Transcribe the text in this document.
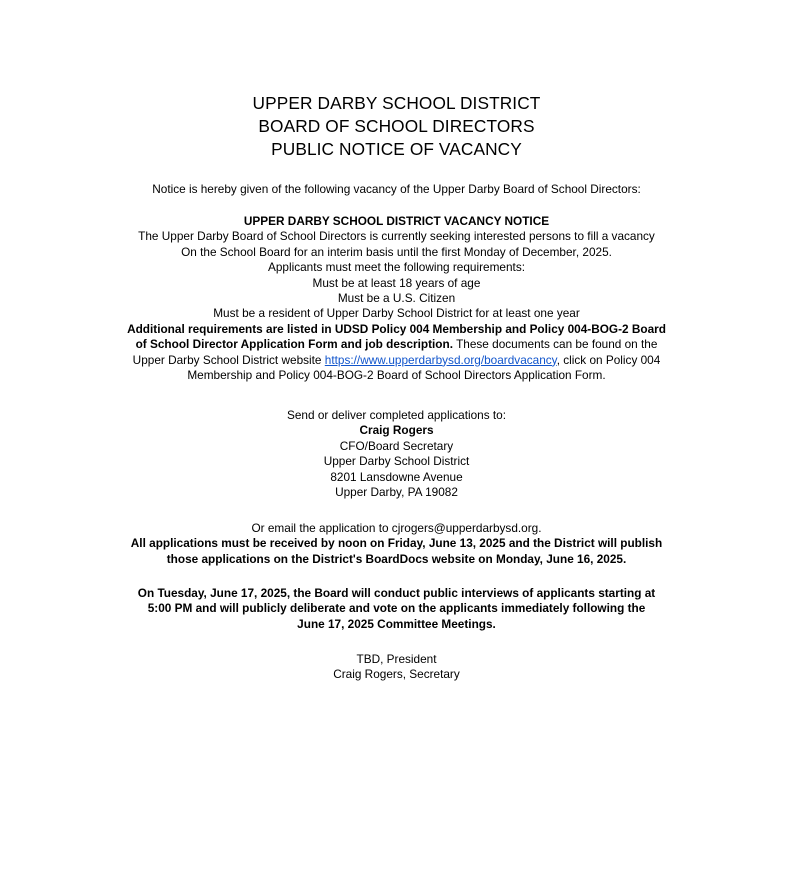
UPPER DARBY SCHOOL DISTRICT
BOARD OF SCHOOL DIRECTORS
PUBLIC NOTICE OF VACANCY
Notice is hereby given of the following vacancy of the Upper Darby Board of School Directors:
UPPER DARBY SCHOOL DISTRICT VACANCY NOTICE
The Upper Darby Board of School Directors is currently seeking interested persons to fill a vacancy
On the School Board for an interim basis until the first Monday of December, 2025.
Applicants must meet the following requirements:
Must be at least 18 years of age
Must be a U.S. Citizen
Must be a resident of Upper Darby School District for at least one year
Additional requirements are listed in UDSD Policy 004 Membership and Policy 004-BOG-2 Board
of School Director Application Form and job description. These documents can be found on the
Upper Darby School District website https://www.upperdarbysd.org/boardvacancy, click on Policy 004
Membership and Policy 004-BOG-2 Board of School Directors Application Form.
Send or deliver completed applications to:
Craig Rogers
CFO/Board Secretary
Upper Darby School District
8201 Lansdowne Avenue
Upper Darby, PA 19082
Or email the application to cjrogers@upperdarbysd.org.
All applications must be received by noon on Friday, June 13, 2025 and the District will publish
those applications on the District's BoardDocs website on Monday, June 16, 2025.
On Tuesday, June 17, 2025, the Board will conduct public interviews of applicants starting at
5:00 PM and will publicly deliberate and vote on the applicants immediately following the
June 17, 2025 Committee Meetings.
TBD, President
Craig Rogers, Secretary
